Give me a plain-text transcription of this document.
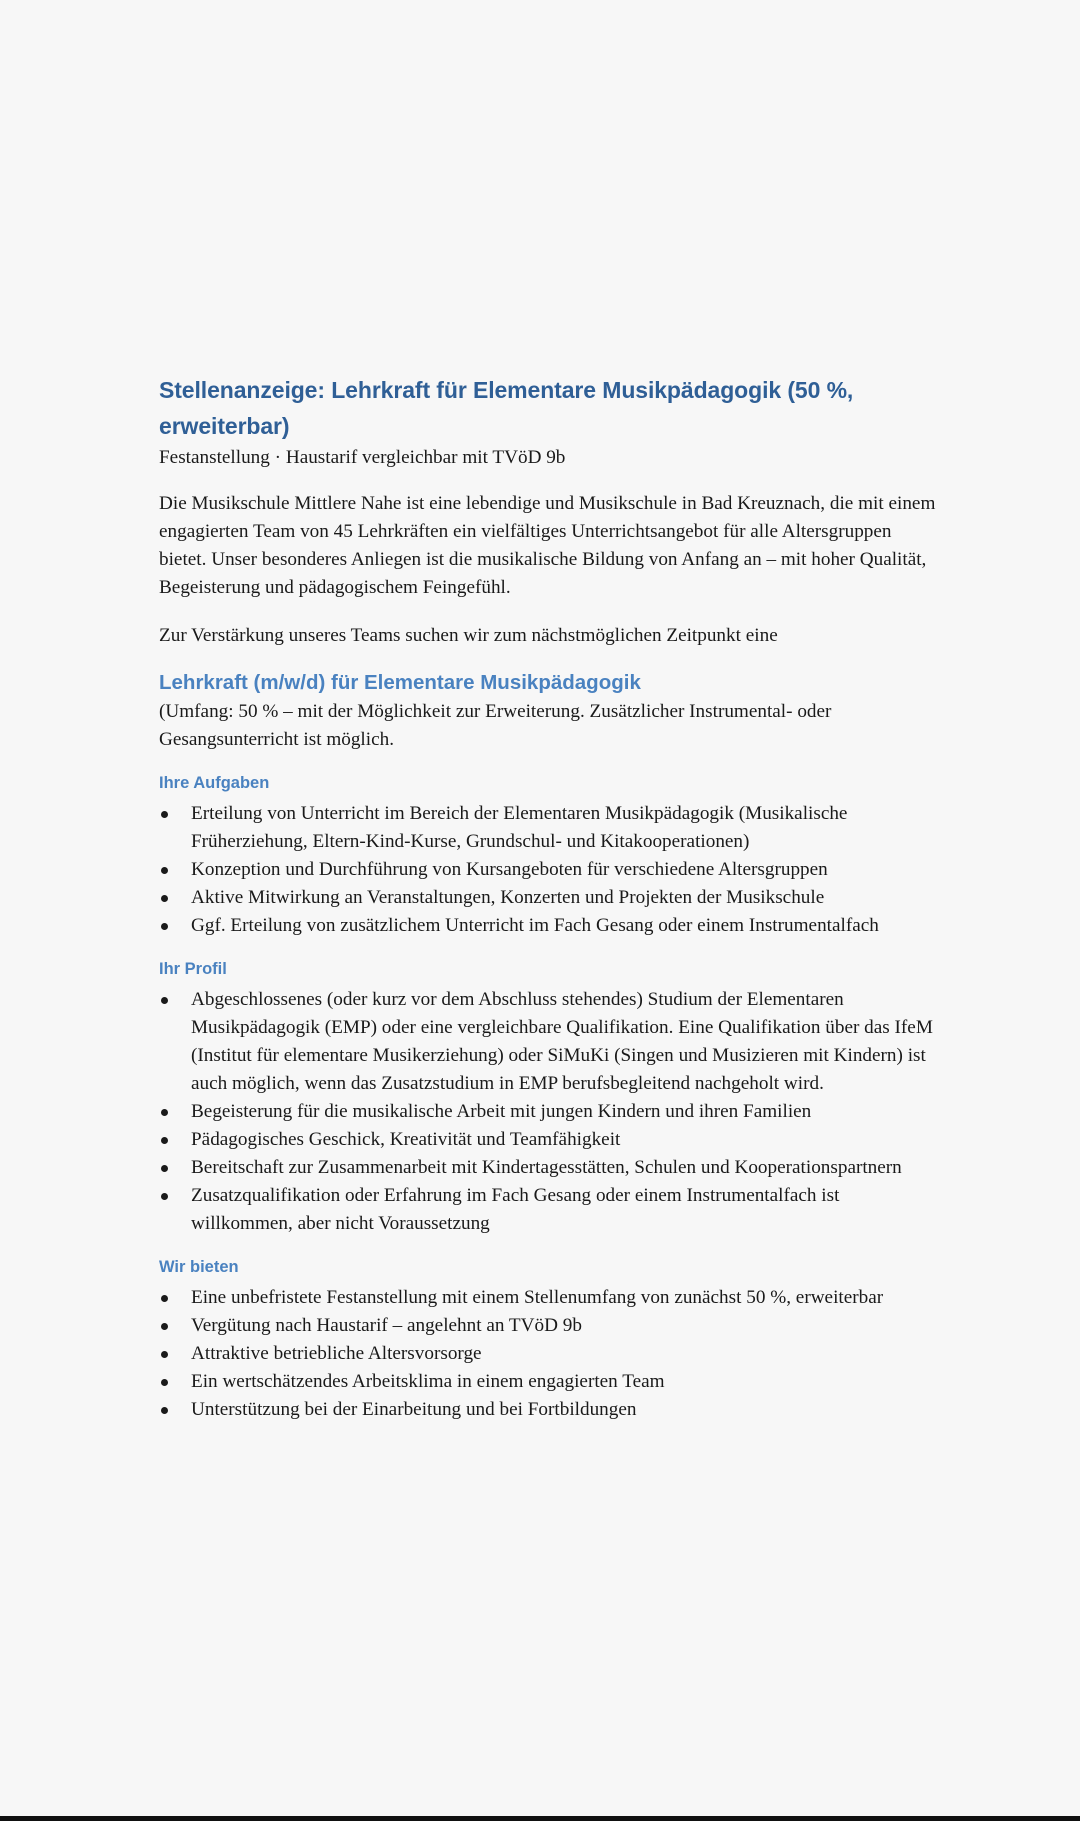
Stellenanzeige: Lehrkraft für Elementare Musikpädagogik (50 %, erweiterbar)

Festanstellung · Haustarif vergleichbar mit TVöD 9b

Die Musikschule Mittlere Nahe ist eine lebendige und Musikschule in Bad Kreuznach, die mit einem engagierten Team von 45 Lehrkräften ein vielfältiges Unterrichtsangebot für alle Altersgruppen bietet. Unser besonderes Anliegen ist die musikalische Bildung von Anfang an – mit hoher Qualität, Begeisterung und pädagogischem Feingefühl.

Zur Verstärkung unseres Teams suchen wir zum nächstmöglichen Zeitpunkt eine

Lehrkraft (m/w/d) für Elementare Musikpädagogik

(Umfang: 50 % – mit der Möglichkeit zur Erweiterung. Zusätzlicher Instrumental- oder Gesangsunterricht ist möglich.

Ihre Aufgaben
Erteilung von Unterricht im Bereich der Elementaren Musikpädagogik (Musikalische Früherziehung, Eltern-Kind-Kurse, Grundschul- und Kitakooperationen)
Konzeption und Durchführung von Kursangeboten für verschiedene Altersgruppen
Aktive Mitwirkung an Veranstaltungen, Konzerten und Projekten der Musikschule
Ggf. Erteilung von zusätzlichem Unterricht im Fach Gesang oder einem Instrumentalfach
Ihr Profil
Abgeschlossenes (oder kurz vor dem Abschluss stehendes) Studium der Elementaren Musikpädagogik (EMP) oder eine vergleichbare Qualifikation. Eine Qualifikation über das IfeM (Institut für elementare Musikerziehung) oder SiMuKi (Singen und Musizieren mit Kindern) ist auch möglich, wenn das Zusatzstudium in EMP berufsbegleitend nachgeholt wird.
Begeisterung für die musikalische Arbeit mit jungen Kindern und ihren Familien
Pädagogisches Geschick, Kreativität und Teamfähigkeit
Bereitschaft zur Zusammenarbeit mit Kindertagesstätten, Schulen und Kooperationspartnern
Zusatzqualifikation oder Erfahrung im Fach Gesang oder einem Instrumentalfach ist willkommen, aber nicht Voraussetzung
Wir bieten
Eine unbefristete Festanstellung mit einem Stellenumfang von zunächst 50 %, erweiterbar
Vergütung nach Haustarif – angelehnt an TVöD 9b
Attraktive betriebliche Altersvorsorge
Ein wertschätzendes Arbeitsklima in einem engagierten Team
Unterstützung bei der Einarbeitung und bei Fortbildungen
